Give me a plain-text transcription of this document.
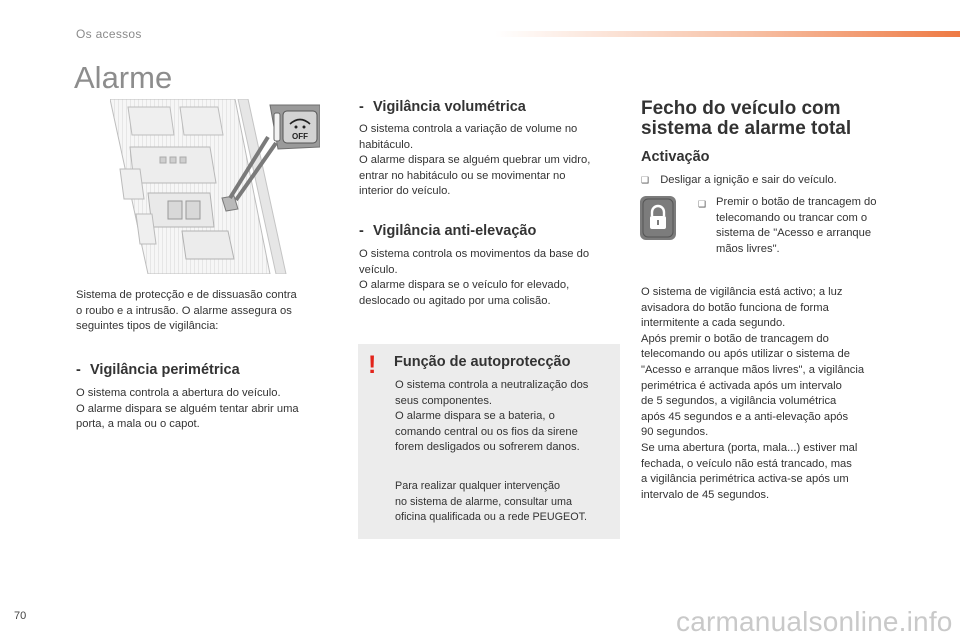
Os acessos
Alarme
OFF
Sistema de protecção e de dissuasão contra
o roubo e a intrusão. O alarme assegura os
seguintes tipos de vigilância:
- Vigilância perimétrica
O sistema controla a abertura do veículo.
O alarme dispara se alguém tentar abrir uma
porta, a mala ou o capot.
- Vigilância volumétrica
O sistema controla a variação de volume no
habitáculo.
O alarme dispara se alguém quebrar um vidro,
entrar no habitáculo ou se movimentar no
interior do veículo.
- Vigilância anti-elevação
O sistema controla os movimentos da base do
veículo.
O alarme dispara se o veículo for elevado,
deslocado ou agitado por uma colisão.
! Função de autoprotecção
O sistema controla a neutralização dos
seus componentes.
O alarme dispara se a bateria, o
comando central ou os fios da sirene
forem desligados ou sofrerem danos.
Para realizar qualquer intervenção
no sistema de alarme, consultar uma
oficina qualificada ou a rede PEUGEOT.
Fecho do veículo com
sistema de alarme total
Activação
❑ Desligar a ignição e sair do veículo.
❑ Premir o botão de trancagem do
telecomando ou trancar com o
sistema de "Acesso e arranque
mãos livres".
O sistema de vigilância está activo; a luz
avisadora do botão funciona de forma
intermitente a cada segundo.
Após premir o botão de trancagem do
telecomando ou após utilizar o sistema de
"Acesso e arranque mãos livres", a vigilância
perimétrica é activada após um intervalo
de 5 segundos, a vigilância volumétrica
após 45 segundos e a anti-elevação após
90 segundos.
Se uma abertura (porta, mala...) estiver mal
fechada, o veículo não está trancado, mas
a vigilância perimétrica activa-se após um
intervalo de 45 segundos.
70	carmanualsonline.info
